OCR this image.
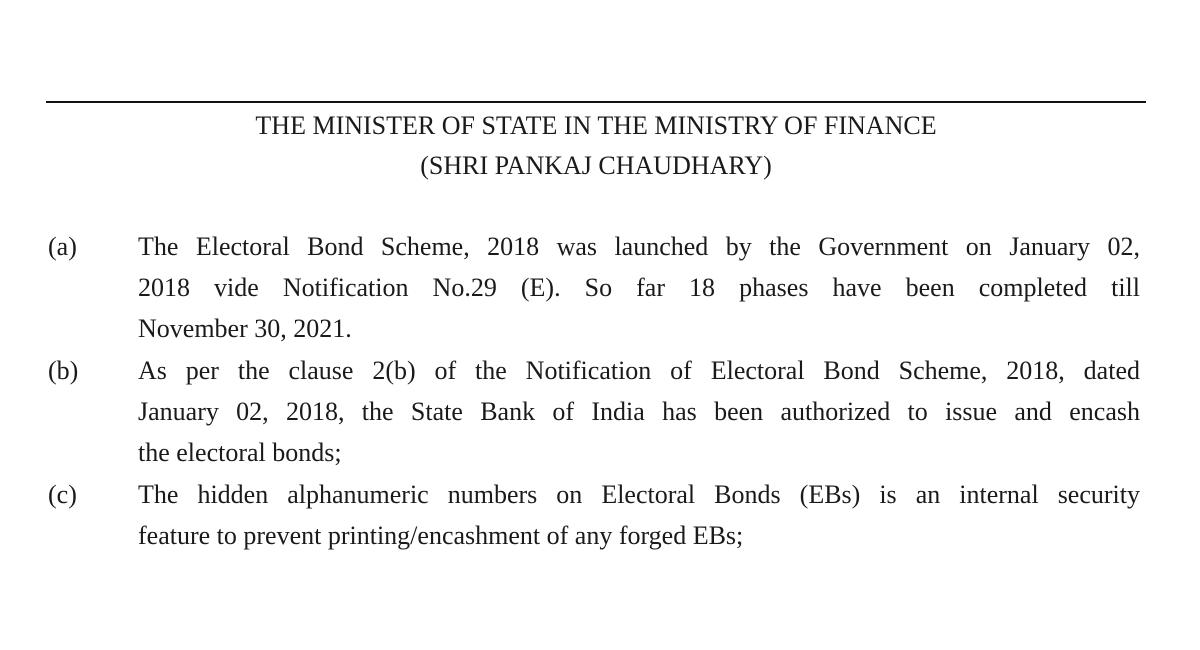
THE MINISTER OF STATE IN THE MINISTRY OF FINANCE
(SHRI PANKAJ CHAUDHARY)
(a) The Electoral Bond Scheme, 2018 was launched by the Government on January 02,
2018 vide Notification No.29 (E). So far 18 phases have been completed till
November 30, 2021.
(b) As per the clause 2(b) of the Notification of Electoral Bond Scheme, 2018, dated
January 02, 2018, the State Bank of India has been authorized to issue and encash
the electoral bonds;
(c) The hidden alphanumeric numbers on Electoral Bonds (EBs) is an internal security
feature to prevent printing/encashment of any forged EBs;
